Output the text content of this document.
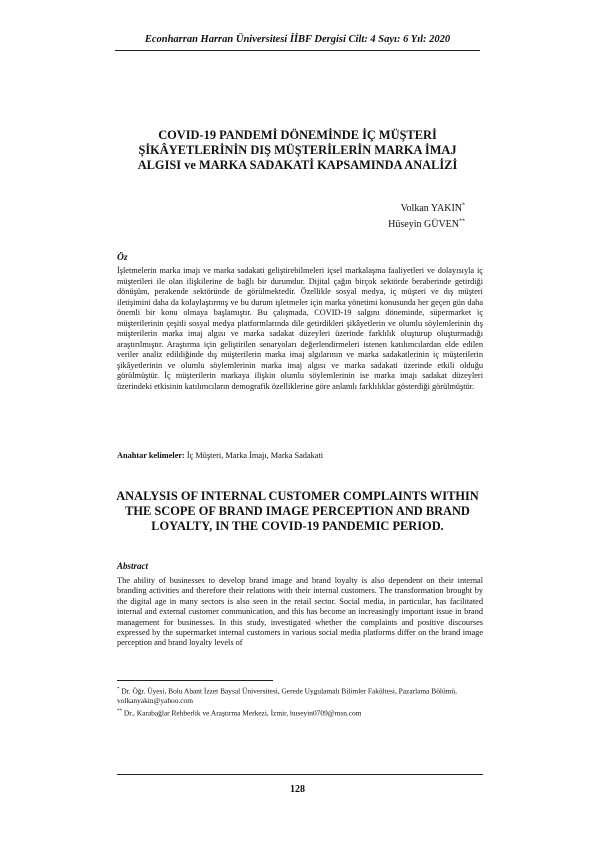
Econharran Harran Üniversitesi İİBF Dergisi Cilt: 4 Sayı: 6 Yıl: 2020
COVID-19 PANDEMİ DÖNEMİNDE İÇ MÜŞTERİ ŞİKÂYETLERİNİN DIŞ MÜŞTERİLERİN MARKA İMAJ ALGISI ve MARKA SADAKATİ KAPSAMINDA ANALİZİ
Volkan YAKIN*
Hüseyin GÜVEN**
Öz
İşletmelerin marka imajı ve marka sadakati geliştirebilmeleri içsel markalaşma faaliyetleri ve dolayısıyla iç müşterileri ile olan ilişkilerine de bağlı bir durumdur. Dijital çağın birçok sektörde beraberinde getirdiği dönüşüm, perakende sektöründe de görülmektedir. Özellikle sosyal medya, iç müşteri ve dış müşteri iletişimini daha da kolaylaştırmış ve bu durum işletmeler için marka yönetimi konusunda her geçen gün daha önemli bir konu olmaya başlamıştır. Bu çalışmada, COVID-19 salgını döneminde, süpermarket iç müşterilerinin çeşitli sosyal medya platformlarında dile getirdikleri şikâyetlerin ve olumlu söylemlerinin dış müşterilerin marka imaj algısı ve marka sadakat düzeyleri üzerinde farklılık oluşturup oluşturmadığı araştırılmıştır. Araştırma için geliştirilen senaryoları değerlendirmeleri istenen katılımcılardan elde edilen veriler analiz edildiğinde dış müşterilerin marka imaj algılarının ve marka sadakatlerinin iç müşterilerin şikâyetlerinin ve olumlu söylemlerinin marka imaj algısı ve marka sadakati üzerinde etkili olduğu görülmüştür. İç müşterilerin markaya ilişkin olumlu söylemlerinin ise marka imajı sadakat düzeyleri üzerindeki etkisinin katılımcıların demografik özelliklerine göre anlamlı farklılıklar gösterdiği görülmüştür.
Anahtar kelimeler: İç Müşteri, Marka İmajı, Marka Sadakati
ANALYSIS OF INTERNAL CUSTOMER COMPLAINTS WITHIN THE SCOPE OF BRAND IMAGE PERCEPTION AND BRAND LOYALTY, IN THE COVID-19 PANDEMIC PERIOD.
Abstract
The ability of businesses to develop brand image and brand loyalty is also dependent on their internal branding activities and therefore their relations with their internal customers. The transformation brought by the digital age in many sectors is also seen in the retail sector. Social media, in particular, has facilitated internal and external customer communication, and this has become an increasingly important issue in brand management for businesses. In this study, investigated whether the complaints and positive discourses expressed by the supermarket internal customers in various social media platforms differ on the brand image perception and brand loyalty levels of
* Dr. Öğr. Üyesi, Bolu Abant İzzet Baysal Üniversitesi, Gerede Uygulamalı Bilimler Fakültesi, Pazarlama Bölümü, volkanyakin@yahoo.com
** Dr., Karabağlar Rehberlik ve Araştırma Merkezi, İzmir, huseyin0709@msn.com
128
